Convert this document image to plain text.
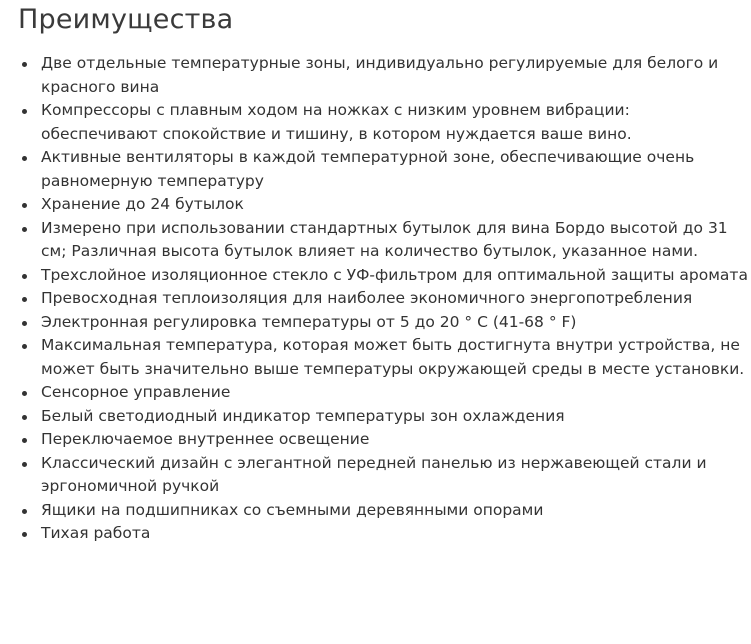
Преимущества
Две отдельные температурные зоны, индивидуально регулируемые для белого и красного вина
Компрессоры с плавным ходом на ножках с низким уровнем вибрации: обеспечивают спокойствие и тишину, в котором нуждается ваше вино.
Активные вентиляторы в каждой температурной зоне, обеспечивающие очень равномерную температуру
Хранение до 24 бутылок
Измерено при использовании стандартных бутылок для вина Бордо высотой до 31 см; Различная высота бутылок влияет на количество бутылок, указанное нами.
Трехслойное изоляционное стекло с УФ-фильтром для оптимальной защиты аромата
Превосходная теплоизоляция для наиболее экономичного энергопотребления
Электронная регулировка температуры от 5 до 20 ° C (41-68 ° F)
Максимальная температура, которая может быть достигнута внутри устройства, не может быть значительно выше температуры окружающей среды в месте установки.
Сенсорное управление
Белый светодиодный индикатор температуры зон охлаждения
Переключаемое внутреннее освещение
Классический дизайн с элегантной передней панелью из нержавеющей стали и эргономичной ручкой
Ящики на подшипниках со съемными деревянными опорами
Тихая работа
